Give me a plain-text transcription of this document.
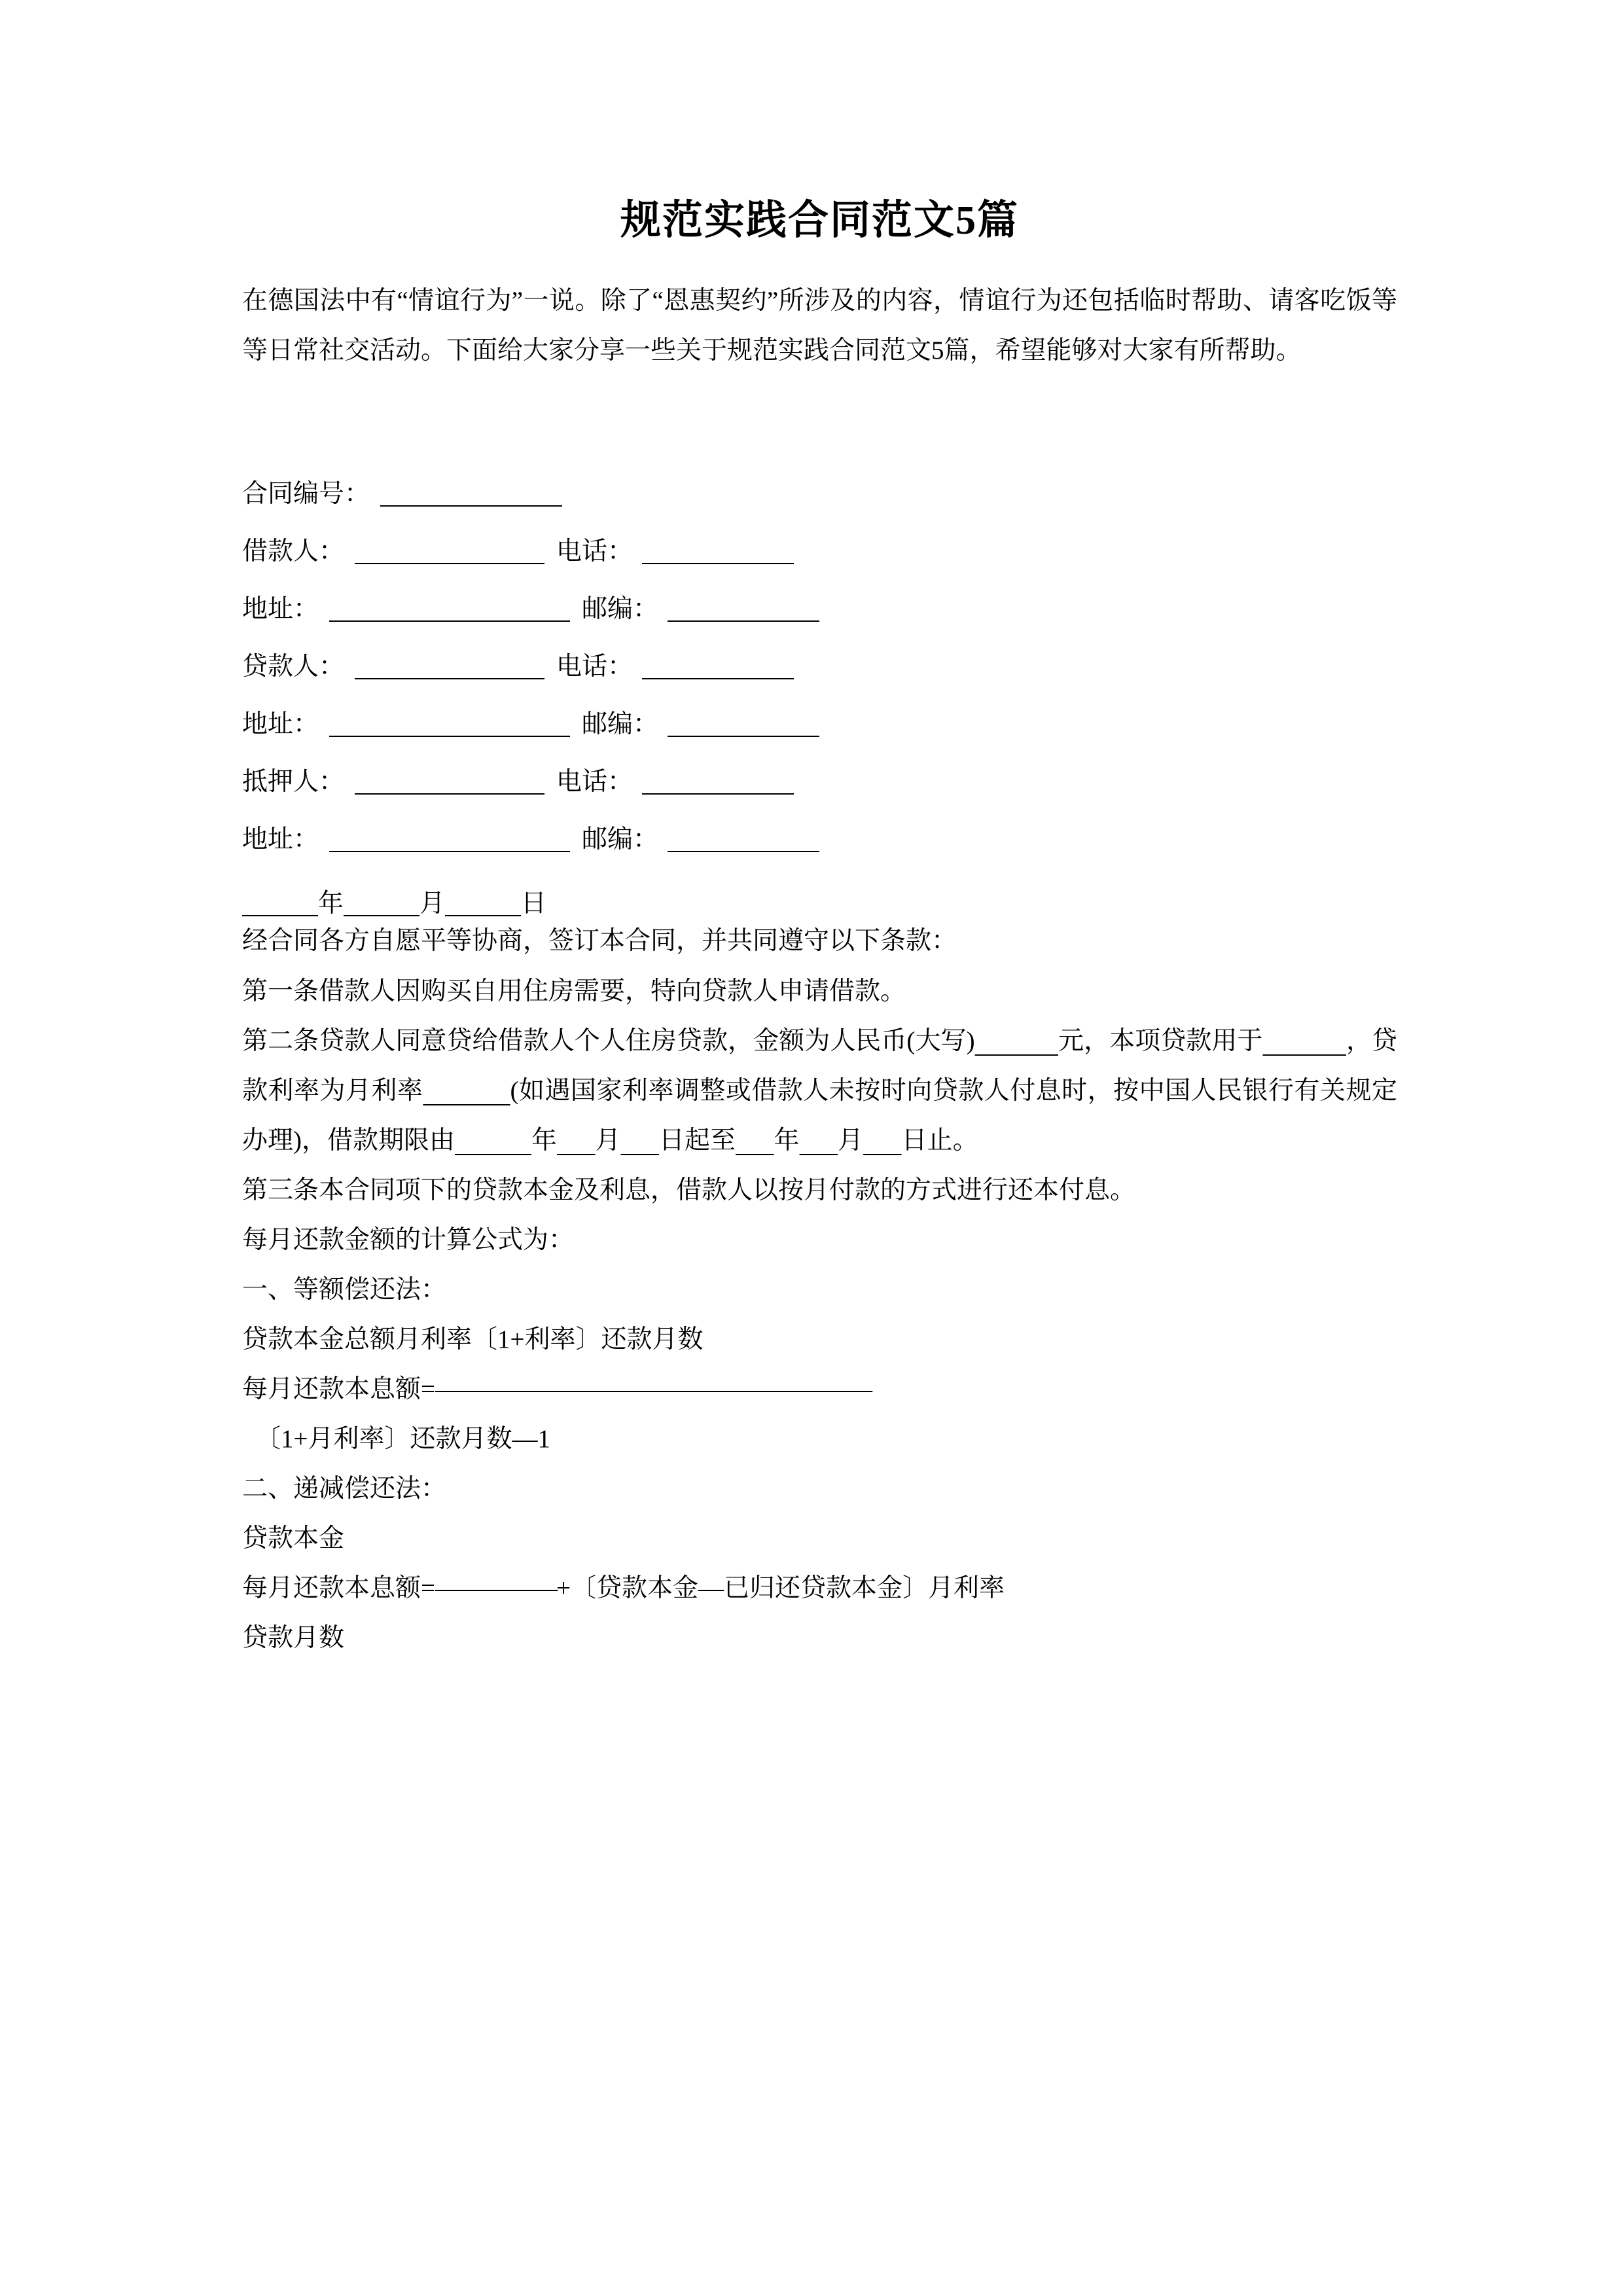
规范实践合同范文5篇

在德国法中有“情谊行为”一说。除了“恩惠契约”所涉及的内容，情谊行为还包括临时帮助、请客吃饭等等日常社交活动。下面给大家分享一些关于规范实践合同范文5篇，希望能够对大家有所帮助。

合同编号：
借款人：	电话：
地址：	邮编：
贷款人：	电话：
地址：	邮编：
抵押人：	电话：
地址：	邮编：
年	月	日

经合同各方自愿平等协商，签订本合同，并共同遵守以下条款：

第一条借款人因购买自用住房需要，特向贷款人申请借款。

第二条贷款人同意贷给借款人个人住房贷款，金额为人民币(大写)	元，本项贷款用于	，贷款利率为月利率	(如遇国家利率调整或借款人未按时向贷款人付息时，按中国人民银行有关规定办理)，借款期限由	年 月 日起至 年 月 日止。

第三条本合同项下的贷款本金及利息，借款人以按月付款的方式进行还本付息。

每月还款金额的计算公式为：

一、等额偿还法：

贷款本金总额月利率〔1+利率〕还款月数

每月还款本息额=——————————————————

〔1+月利率〕还款月数—1

二、递减偿还法：

贷款本金

每月还款本息额=—————+〔贷款本金—已归还贷款本金〕月利率

贷款月数
